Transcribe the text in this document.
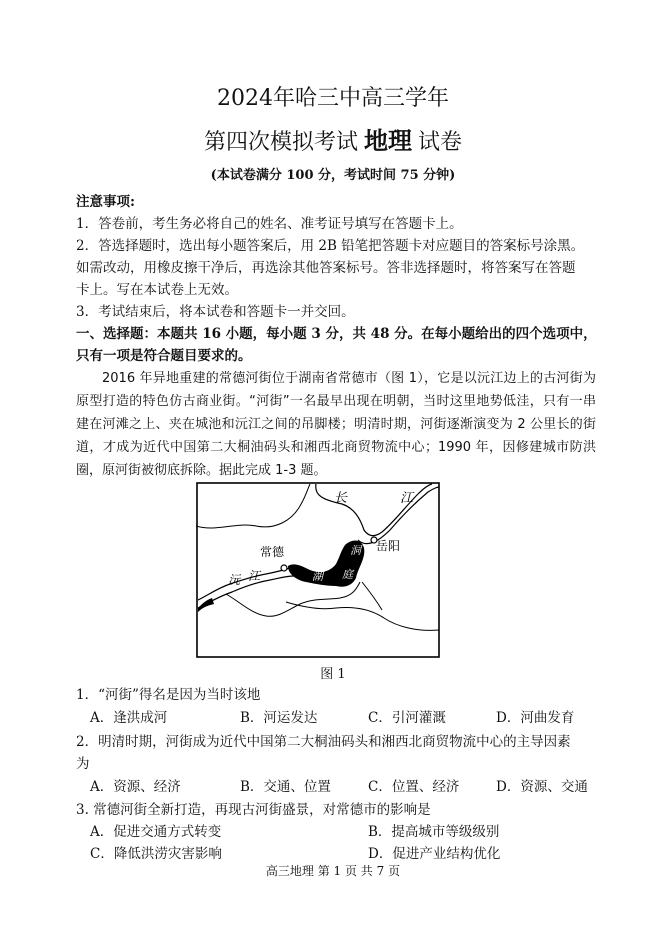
2024年哈三中高三学年
第四次模拟考试 地理 试卷
(本试卷满分 100 分，考试时间 75 分钟)
注意事项:
1．答卷前，考生务必将自己的姓名、准考证号填写在答题卡上。
2．答选择题时，选出每小题答案后，用 2B 铅笔把答题卡对应题目的答案标号涂黑。
如需改动，用橡皮擦干净后，再选涂其他答案标号。答非选择题时，将答案写在答题
卡上。写在本试卷上无效。
3．考试结束后，将本试卷和答题卡一并交回。
一、选择题：本题共 16 小题，每小题 3 分，共 48 分。在每小题给出的四个选项中，
只有一项是符合题目要求的。
2016 年异地重建的常德河街位于湖南省常德市（图 1），它是以沅江边上的古河街为原型打造的特色仿古商业街。“河街”一名最早出现在明朝，当时这里地势低洼，只有一串建在河滩之上、夹在城池和沅江之间的吊脚楼；明清时期，河街逐渐演变为 2 公里长的街道，才成为近代中国第二大桐油码头和湘西北商贸物流中心；1990 年，因修建城市防洪圈，原河街被彻底拆除。据此完成 1-3 题。
长	江
常德	岳阳
沅 江
洞
庭
湖
图 1
1．“河街”得名是因为当时该地
A．逢洪成河	B．河运发达	C．引河灌溉	D．河曲发育
2．明清时期，河街成为近代中国第二大桐油码头和湘西北商贸物流中心的主导因素
为
A．资源、经济	B．交通、位置	C．位置、经济	D．资源、交通
3. 常德河街全新打造，再现古河街盛景，对常德市的影响是
A．促进交通方式转变	B．提高城市等级级别
C．降低洪涝灾害影响	D．促进产业结构优化
高三地理 第 1 页 共 7 页
